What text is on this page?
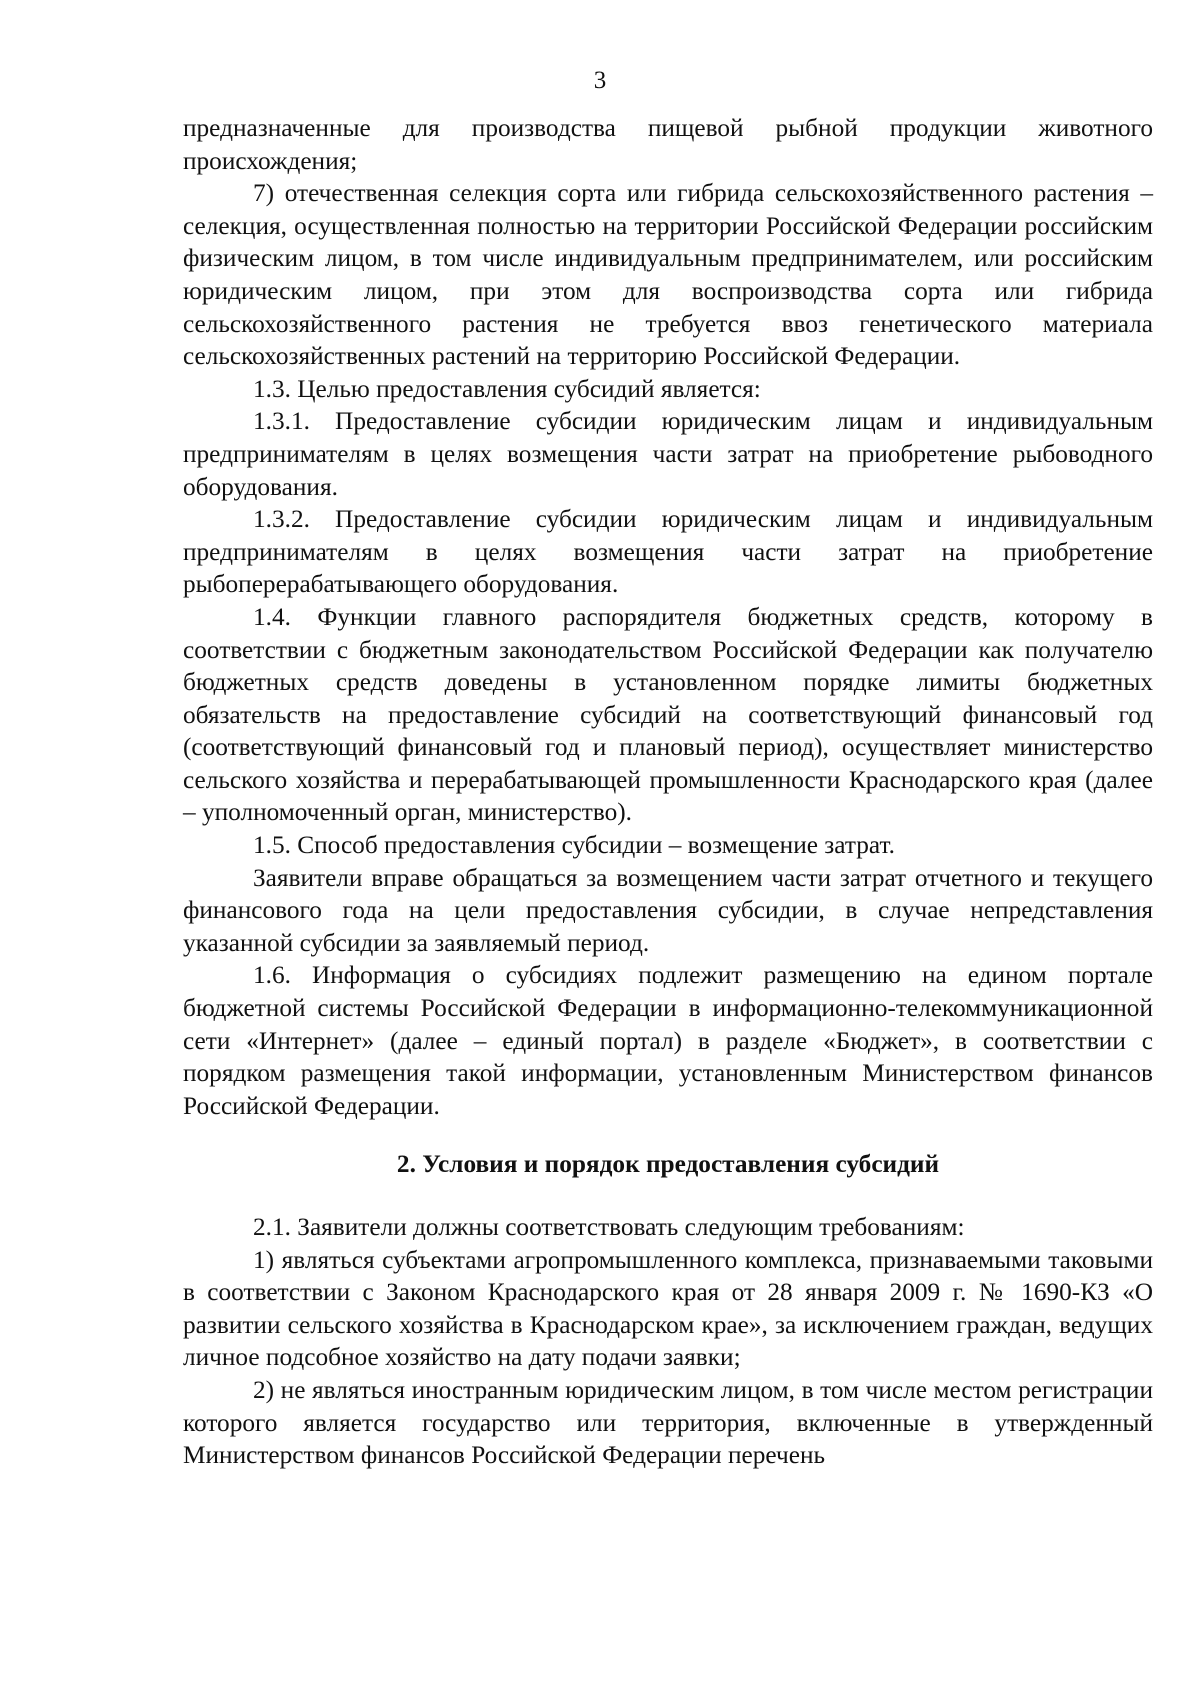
3

предназначенные для производства пищевой рыбной продукции животного происхождения;

7) отечественная селекция сорта или гибрида сельскохозяйственного растения – селекция, осуществленная полностью на территории Российской Федерации российским физическим лицом, в том числе индивидуальным предпринимателем, или российским юридическим лицом, при этом для воспроизводства сорта или гибрида сельскохозяйственного растения не требуется ввоз генетического материала сельскохозяйственных растений на территорию Российской Федерации.

1.3. Целью предоставления субсидий является:

1.3.1. Предоставление субсидии юридическим лицам и индивидуальным предпринимателям в целях возмещения части затрат на приобретение рыбоводного оборудования.

1.3.2. Предоставление субсидии юридическим лицам и индивидуальным предпринимателям в целях возмещения части затрат на приобретение рыбоперерабатывающего оборудования.

1.4. Функции главного распорядителя бюджетных средств, которому в соответствии с бюджетным законодательством Российской Федерации как получателю бюджетных средств доведены в установленном порядке лимиты бюджетных обязательств на предоставление субсидий на соответствующий финансовый год (соответствующий финансовый год и плановый период), осуществляет министерство сельского хозяйства и перерабатывающей промышленности Краснодарского края (далее – уполномоченный орган, министерство).

1.5. Способ предоставления субсидии – возмещение затрат.

Заявители вправе обращаться за возмещением части затрат отчетного и текущего финансового года на цели предоставления субсидии, в случае непредставления указанной субсидии за заявляемый период.

1.6. Информация о субсидиях подлежит размещению на едином портале бюджетной системы Российской Федерации в информационно-телекоммуникационной сети «Интернет» (далее – единый портал) в разделе «Бюджет», в соответствии с порядком размещения такой информации, установленным Министерством финансов Российской Федерации.

2. Условия и порядок предоставления субсидий

2.1. Заявители должны соответствовать следующим требованиям:

1) являться субъектами агропромышленного комплекса, признаваемыми таковыми в соответствии с Законом Краснодарского края от 28 января 2009 г. № 1690-КЗ «О развитии сельского хозяйства в Краснодарском крае», за исключением граждан, ведущих личное подсобное хозяйство на дату подачи заявки;

2) не являться иностранным юридическим лицом, в том числе местом регистрации которого является государство или территория, включенные в утвержденный Министерством финансов Российской Федерации перечень
